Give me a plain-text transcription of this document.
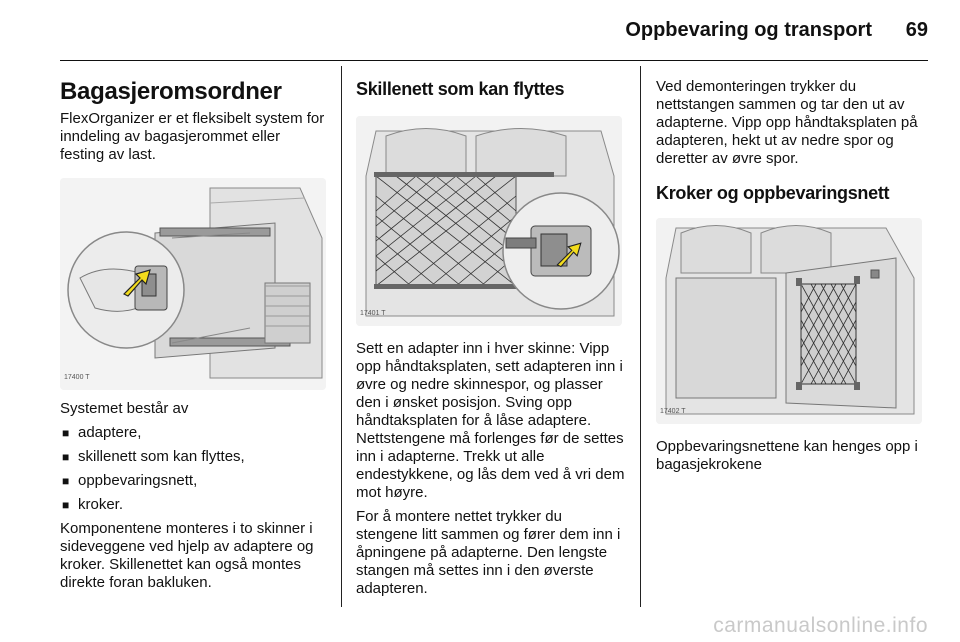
Oppbevaring og transport	69
Bagasjeromsordner

FlexOrganizer er et fleksibelt system for inndeling av bagasjerommet eller festing av last.

17400 T

Systemet består av

■ adaptere,
■ skillenett som kan flyttes,
■ oppbevaringsnett,
■ kroker.

Komponentene monteres i to skinner i sideveggene ved hjelp av adaptere og kroker. Skillenettet kan også montes direkte foran bakluken.

Skillenett som kan flyttes
17401 T

Sett en adapter inn i hver skinne: Vipp opp håndtaksplaten, sett adapteren inn i øvre og nedre skinnespor, og plasser den i ønsket posisjon. Sving opp håndtaksplaten for å låse adaptere. Nettstengene må forlenges før de settes inn i adapterne. Trekk ut alle endestykkene, og lås dem ved å vri dem mot høyre.

For å montere nettet trykker du stengene litt sammen og fører dem inn i åpningene på adapterne. Den lengste stangen må settes inn i den øverste adapteren.

Ved demonteringen trykker du nettstangen sammen og tar den ut av adapterne. Vipp opp håndtaksplaten på adapteren, hekt ut av nedre spor og deretter av øvre spor.

Kroker og oppbevaringsnett
17402 T

Oppbevaringsnettene kan henges opp i bagasjekrokene

carmanualsonline.info
